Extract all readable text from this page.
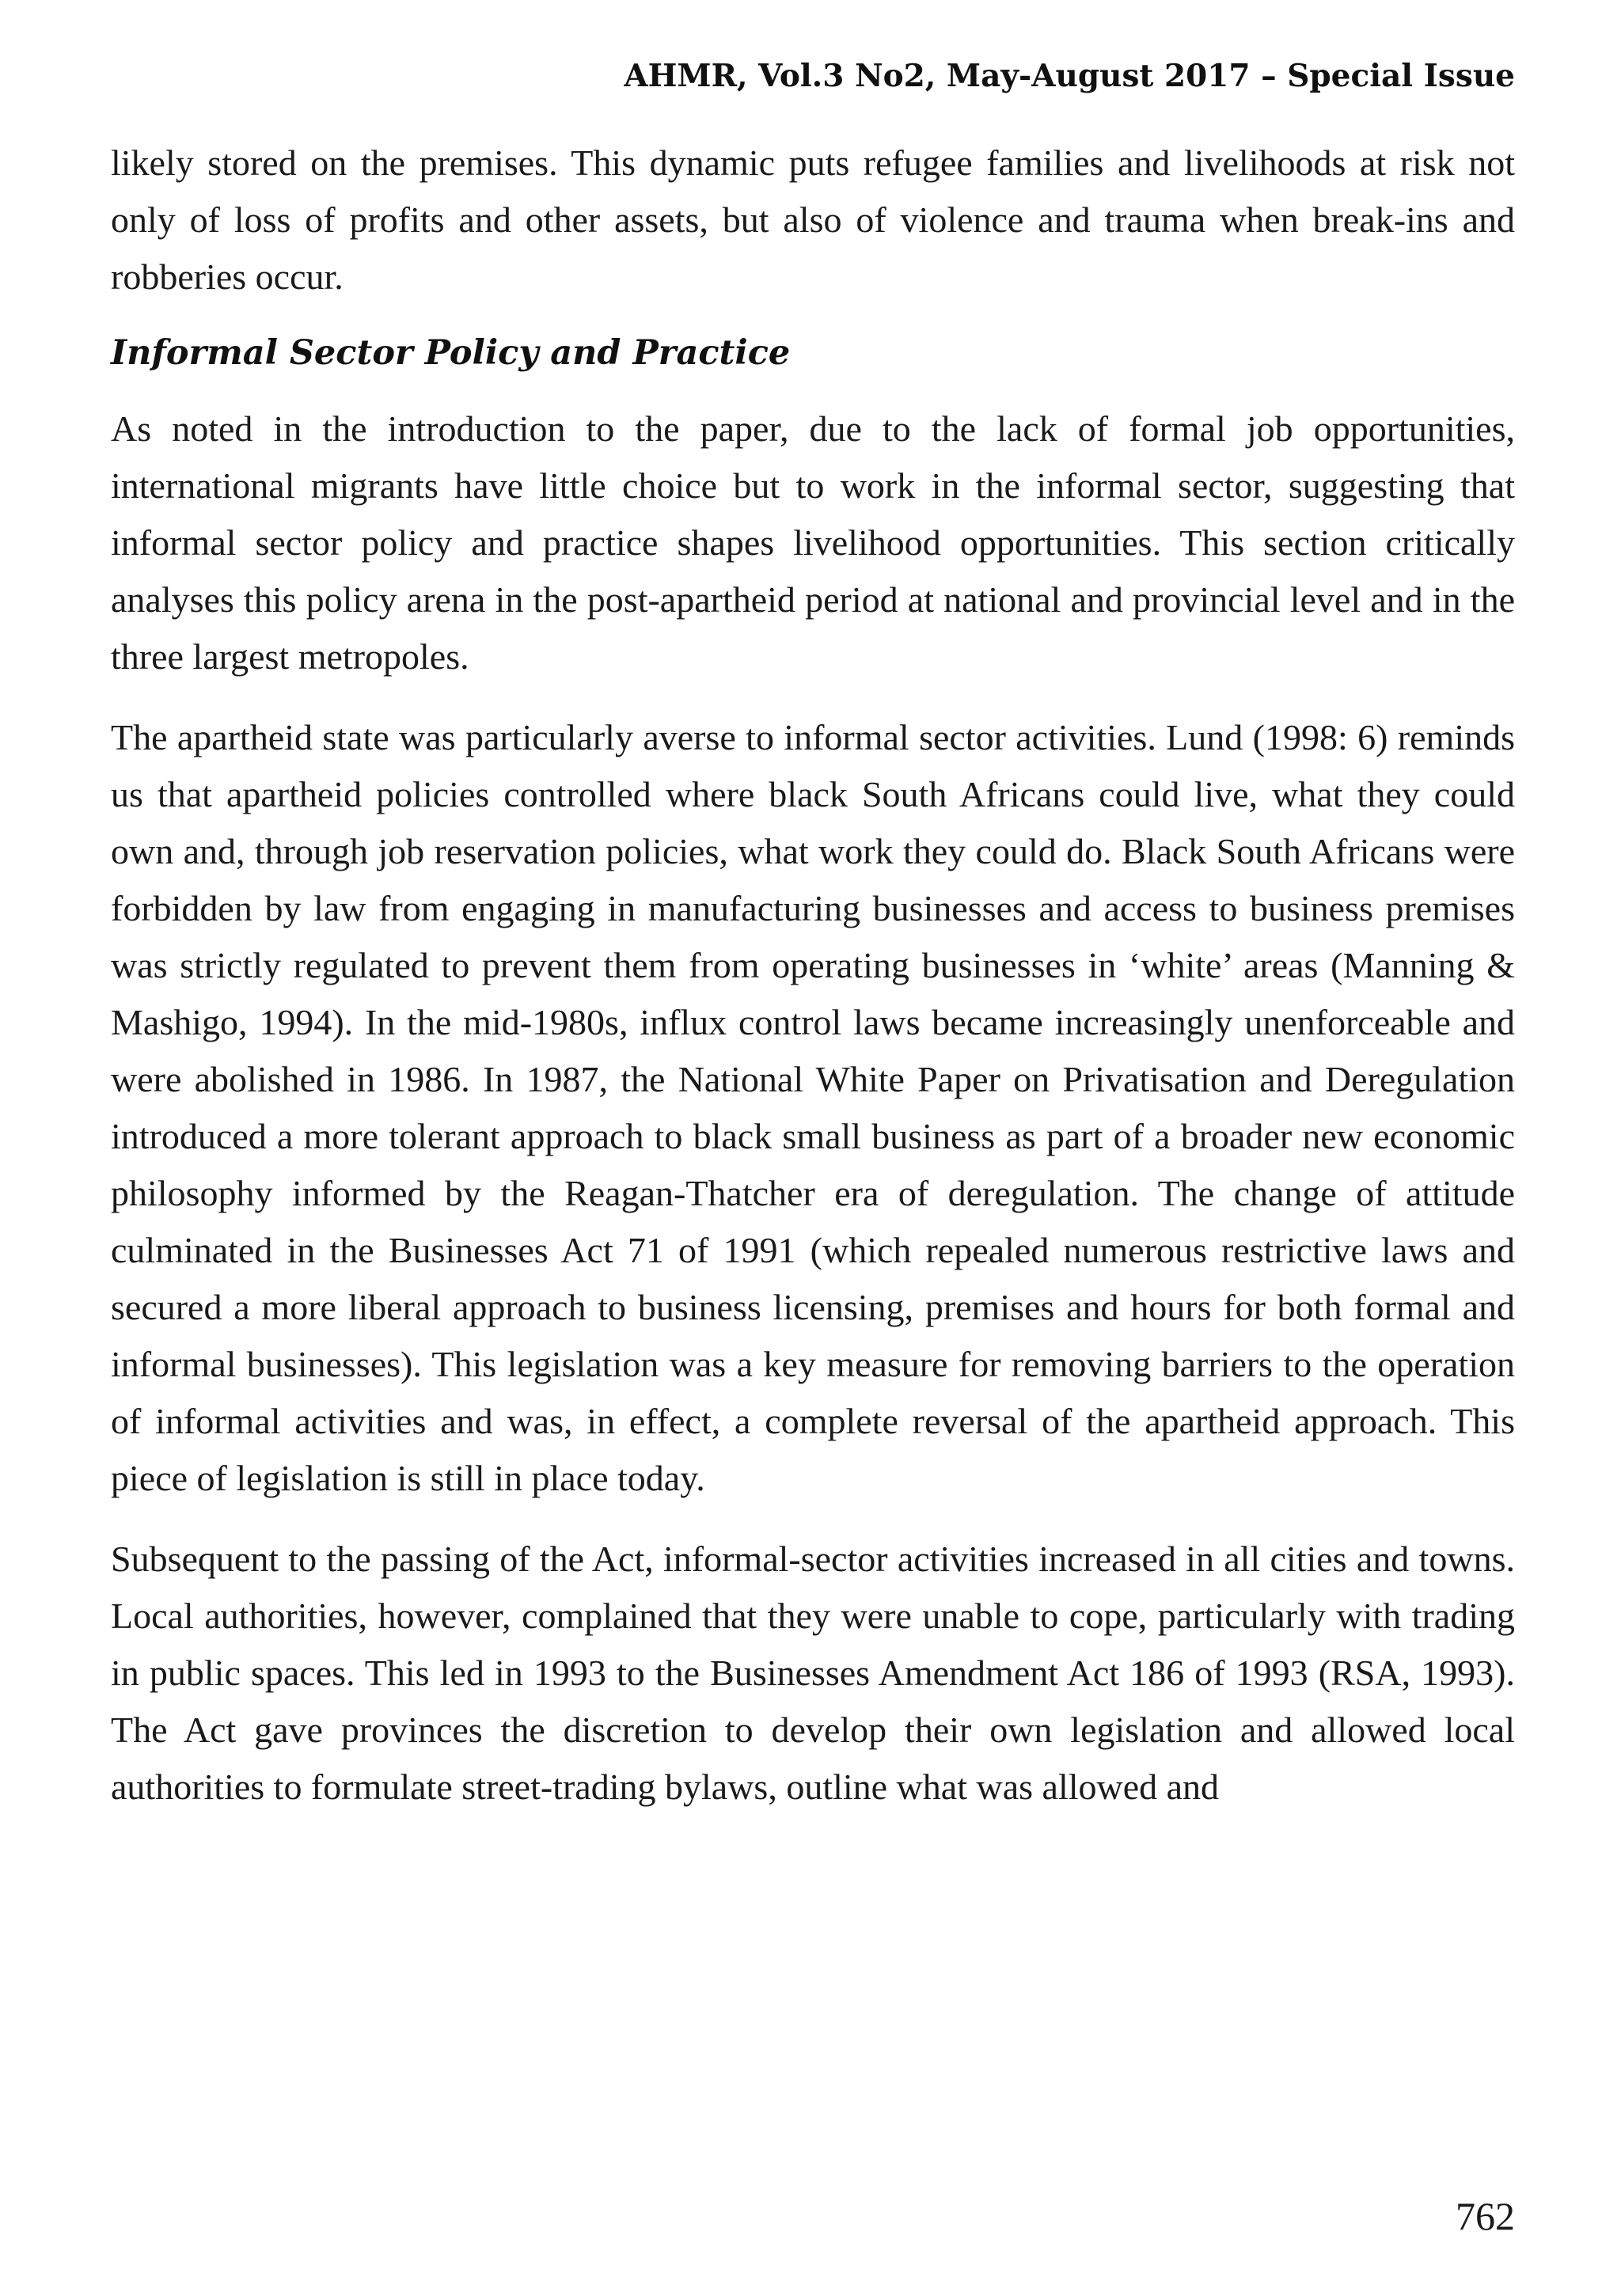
AHMR, Vol.3 No2, May-August 2017 – Special Issue

likely stored on the premises. This dynamic puts refugee families and livelihoods at risk not only of loss of profits and other assets, but also of violence and trauma when break-ins and robberies occur.

Informal Sector Policy and Practice

As noted in the introduction to the paper, due to the lack of formal job opportunities, international migrants have little choice but to work in the informal sector, suggesting that informal sector policy and practice shapes livelihood opportunities. This section critically analyses this policy arena in the post-apartheid period at national and provincial level and in the three largest metropoles.

The apartheid state was particularly averse to informal sector activities. Lund (1998: 6) reminds us that apartheid policies controlled where black South Africans could live, what they could own and, through job reservation policies, what work they could do. Black South Africans were forbidden by law from engaging in manufacturing businesses and access to business premises was strictly regulated to prevent them from operating businesses in ‘white’ areas (Manning & Mashigo, 1994). In the mid-1980s, influx control laws became increasingly unenforceable and were abolished in 1986. In 1987, the National White Paper on Privatisation and Deregulation introduced a more tolerant approach to black small business as part of a broader new economic philosophy informed by the Reagan-Thatcher era of deregulation. The change of attitude culminated in the Businesses Act 71 of 1991 (which repealed numerous restrictive laws and secured a more liberal approach to business licensing, premises and hours for both formal and informal businesses). This legislation was a key measure for removing barriers to the operation of informal activities and was, in effect, a complete reversal of the apartheid approach. This piece of legislation is still in place today.

Subsequent to the passing of the Act, informal-sector activities increased in all cities and towns. Local authorities, however, complained that they were unable to cope, particularly with trading in public spaces. This led in 1993 to the Businesses Amendment Act 186 of 1993 (RSA, 1993). The Act gave provinces the discretion to develop their own legislation and allowed local authorities to formulate street-trading bylaws, outline what was allowed and

762
